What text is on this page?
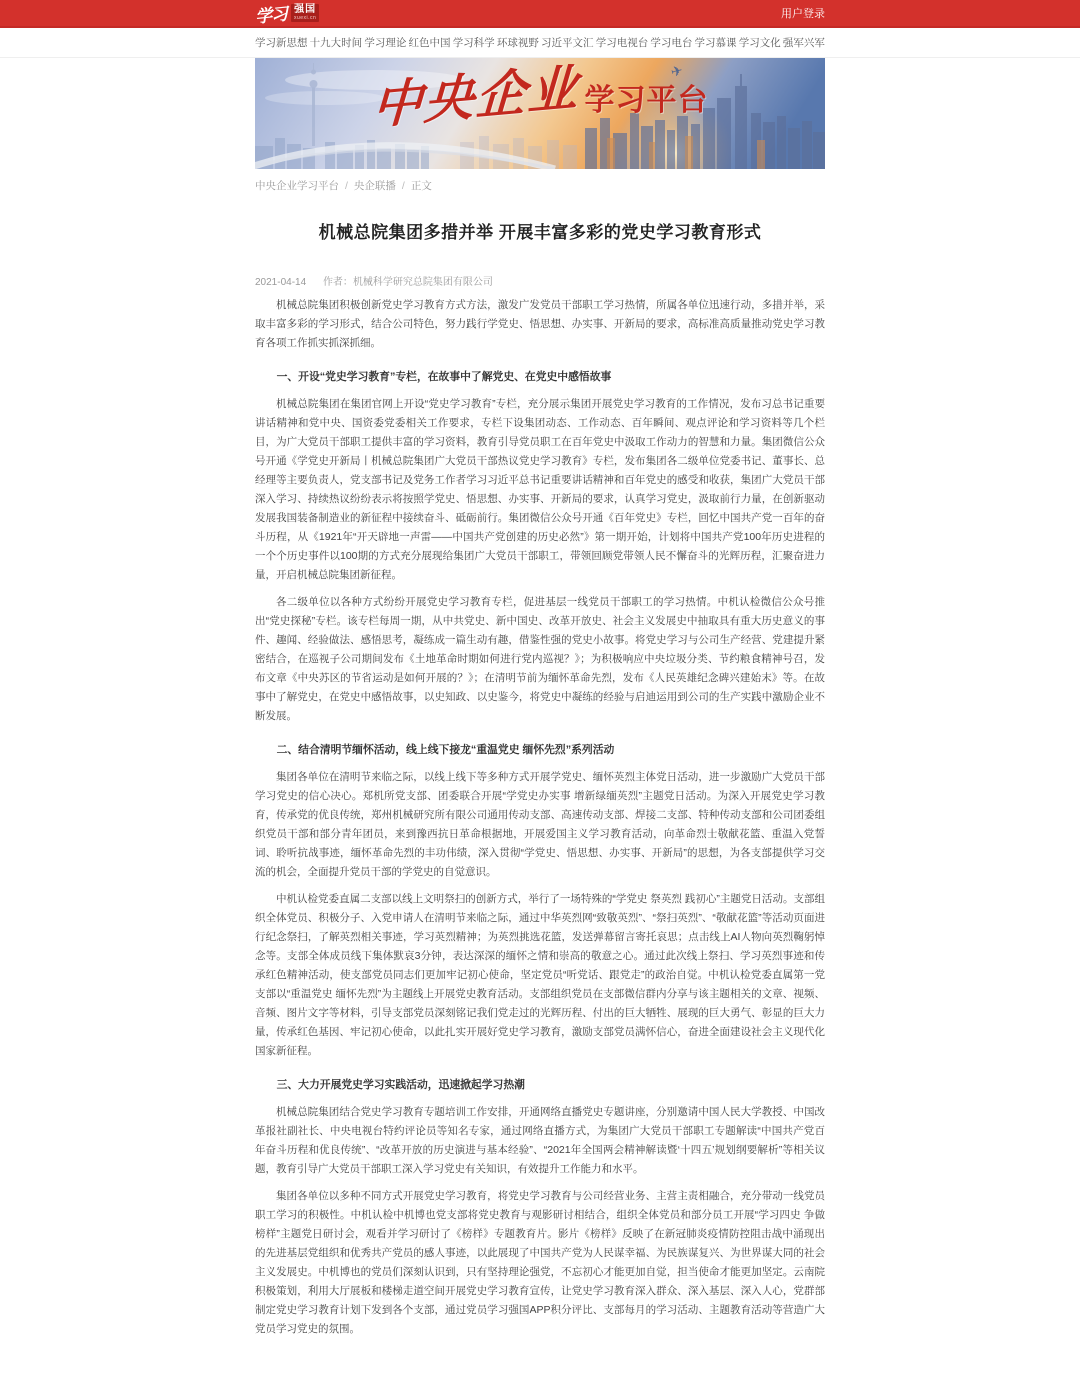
学习 强国
xuexi.cn	用户登录
学习新思想 十九大时间 学习理论 红色中国 学习科学 环球视野 习近平文汇 学习电视台 学习电台 学习慕课 学习文化 强军兴军
✈
中央企业 学习平台
中央企业学习平台 / 央企联播 / 正文
机械总院集团多措并举 开展丰富多彩的党史学习教育形式
2021-04-14 作者：机械科学研究总院集团有限公司

机械总院集团积极创新党史学习教育方式方法，激发广发党员干部职工学习热情，所属各单位迅速行动，多措并举，采取丰富多彩的学习形式，结合公司特色，努力践行学党史、悟思想、办实事、开新局的要求，高标准高质量推动党史学习教育各项工作抓实抓深抓细。

一、开设“党史学习教育”专栏，在故事中了解党史、在党史中感悟故事

机械总院集团在集团官网上开设“党史学习教育”专栏，充分展示集团开展党史学习教育的工作情况，发布习总书记重要讲话精神和党中央、国资委党委相关工作要求，专栏下设集团动态、工作动态、百年瞬间、观点评论和学习资料等几个栏目，为广大党员干部职工提供丰富的学习资料，教育引导党员职工在百年党史中汲取工作动力的智慧和力量。集团微信公众号开通《学党史开新局丨机械总院集团广大党员干部热议党史学习教育》专栏，发布集团各二级单位党委书记、董事长、总经理等主要负责人，党支部书记及党务工作者学习习近平总书记重要讲话精神和百年党史的感受和收获，集团广大党员干部深入学习、持续热议纷纷表示将按照学党史、悟思想、办实事、开新局的要求，认真学习党史，汲取前行力量，在创新驱动发展我国装备制造业的新征程中接续奋斗、砥砺前行。集团微信公众号开通《百年党史》专栏，回忆中国共产党一百年的奋斗历程，从《1921年“开天辟地一声雷——中国共产党创建的历史必然”》第一期开始，计划将中国共产党100年历史进程的一个个历史事件以100期的方式充分展现给集团广大党员干部职工，带领回顾党带领人民不懈奋斗的光辉历程，汇聚奋进力量，开启机械总院集团新征程。

各二级单位以各种方式纷纷开展党史学习教育专栏，促进基层一线党员干部职工的学习热情。中机认检微信公众号推出“党史探秘”专栏。该专栏每周一期，从中共党史、新中国史、改革开放史、社会主义发展史中抽取具有重大历史意义的事件、趣闻、经验做法、感悟思考，凝练成一篇生动有趣，借鉴性强的党史小故事。将党史学习与公司生产经营、党建提升紧密结合，在巡视子公司期间发布《土地革命时期如何进行党内巡视？》；为积极响应中央垃圾分类、节约粮食精神号召，发布文章《中央苏区的节省运动是如何开展的？》；在清明节前为缅怀革命先烈，发布《人民英雄纪念碑兴建始末》等。在故事中了解党史，在党史中感悟故事，以史知政、以史鉴今，将党史中凝练的经验与启迪运用到公司的生产实践中激励企业不断发展。

二、结合清明节缅怀活动，线上线下接龙“重温党史 缅怀先烈”系列活动

集团各单位在清明节来临之际，以线上线下等多种方式开展学党史、缅怀英烈主体党日活动，进一步激励广大党员干部学习党史的信心决心。郑机所党支部、团委联合开展“学党史办实事 增新绿缅英烈”主题党日活动。为深入开展党史学习教育，传承党的优良传统，郑州机械研究所有限公司通用传动支部、高速传动支部、焊接二支部、特种传动支部和公司团委组织党员干部和部分青年团员，来到豫西抗日革命根据地，开展爱国主义学习教育活动，向革命烈士敬献花篮、重温入党誓词、聆听抗战事迹，缅怀革命先烈的丰功伟绩，深入贯彻“学党史、悟思想、办实事、开新局”的思想，为各支部提供学习交流的机会，全面提升党员干部的学党史的自觉意识。

中机认检党委直属二支部以线上文明祭扫的创新方式，举行了一场特殊的“学党史 祭英烈 践初心”主题党日活动。支部组织全体党员、积极分子、入党申请人在清明节来临之际，通过中华英烈网“致敬英烈”、“祭扫英烈”、“敬献花篮”等活动页面进行纪念祭扫，了解英烈相关事迹，学习英烈精神；为英烈挑选花篮，发送弹幕留言寄托哀思；点击线上AI人物向英烈鞠躬悼念等。支部全体成员线下集体默哀3分钟，表达深深的缅怀之情和崇高的敬意之心。通过此次线上祭扫、学习英烈事迹和传承红色精神活动，使支部党员同志们更加牢记初心使命，坚定党员“听党话、跟党走”的政治自觉。中机认检党委直属第一党支部以“重温党史 缅怀先烈”为主题线上开展党史教育活动。支部组织党员在支部微信群内分享与该主题相关的文章、视频、音频、图片文字等材料，引导支部党员深刻铭记我们党走过的光辉历程、付出的巨大牺牲、展现的巨大勇气、彰显的巨大力量，传承红色基因、牢记初心使命，以此扎实开展好党史学习教育，激励支部党员满怀信心，奋进全面建设社会主义现代化国家新征程。

三、大力开展党史学习实践活动，迅速掀起学习热潮

机械总院集团结合党史学习教育专题培训工作安排，开通网络直播党史专题讲座，分别邀请中国人民大学教授、中国改革报社副社长、中央电视台特约评论员等知名专家，通过网络直播方式，为集团广大党员干部职工专题解读“中国共产党百年奋斗历程和优良传统”、“改革开放的历史演进与基本经验”、“2021年全国两会精神解读暨‘十四五’规划纲要解析”等相关议题，教育引导广大党员干部职工深入学习党史有关知识，有效提升工作能力和水平。

集团各单位以多种不同方式开展党史学习教育，将党史学习教育与公司经营业务、主营主责相融合，充分带动一线党员职工学习的积极性。中机认检中机博也党支部将党史教育与观影研讨相结合，组织全体党员和部分员工开展“学习四史 争做榜样”主题党日研讨会，观看并学习研讨了《榜样》专题教育片。影片《榜样》反映了在新冠肺炎疫情防控阻击战中涌现出的先进基层党组织和优秀共产党员的感人事迹，以此展现了中国共产党为人民谋幸福、为民族谋复兴、为世界谋大同的社会主义发展史。中机博也的党员们深刻认识到，只有坚持理论强党，不忘初心才能更加自觉，担当使命才能更加坚定。云南院积极策划，利用大厅展板和楼梯走道空间开展党史学习教育宣传，让党史学习教育深入群众、深入基层、深入人心，党群部制定党史学习教育计划下发到各个支部，通过党员学习强国APP积分评比、支部每月的学习活动、主题教育活动等营造广大党员学习党史的氛围。
